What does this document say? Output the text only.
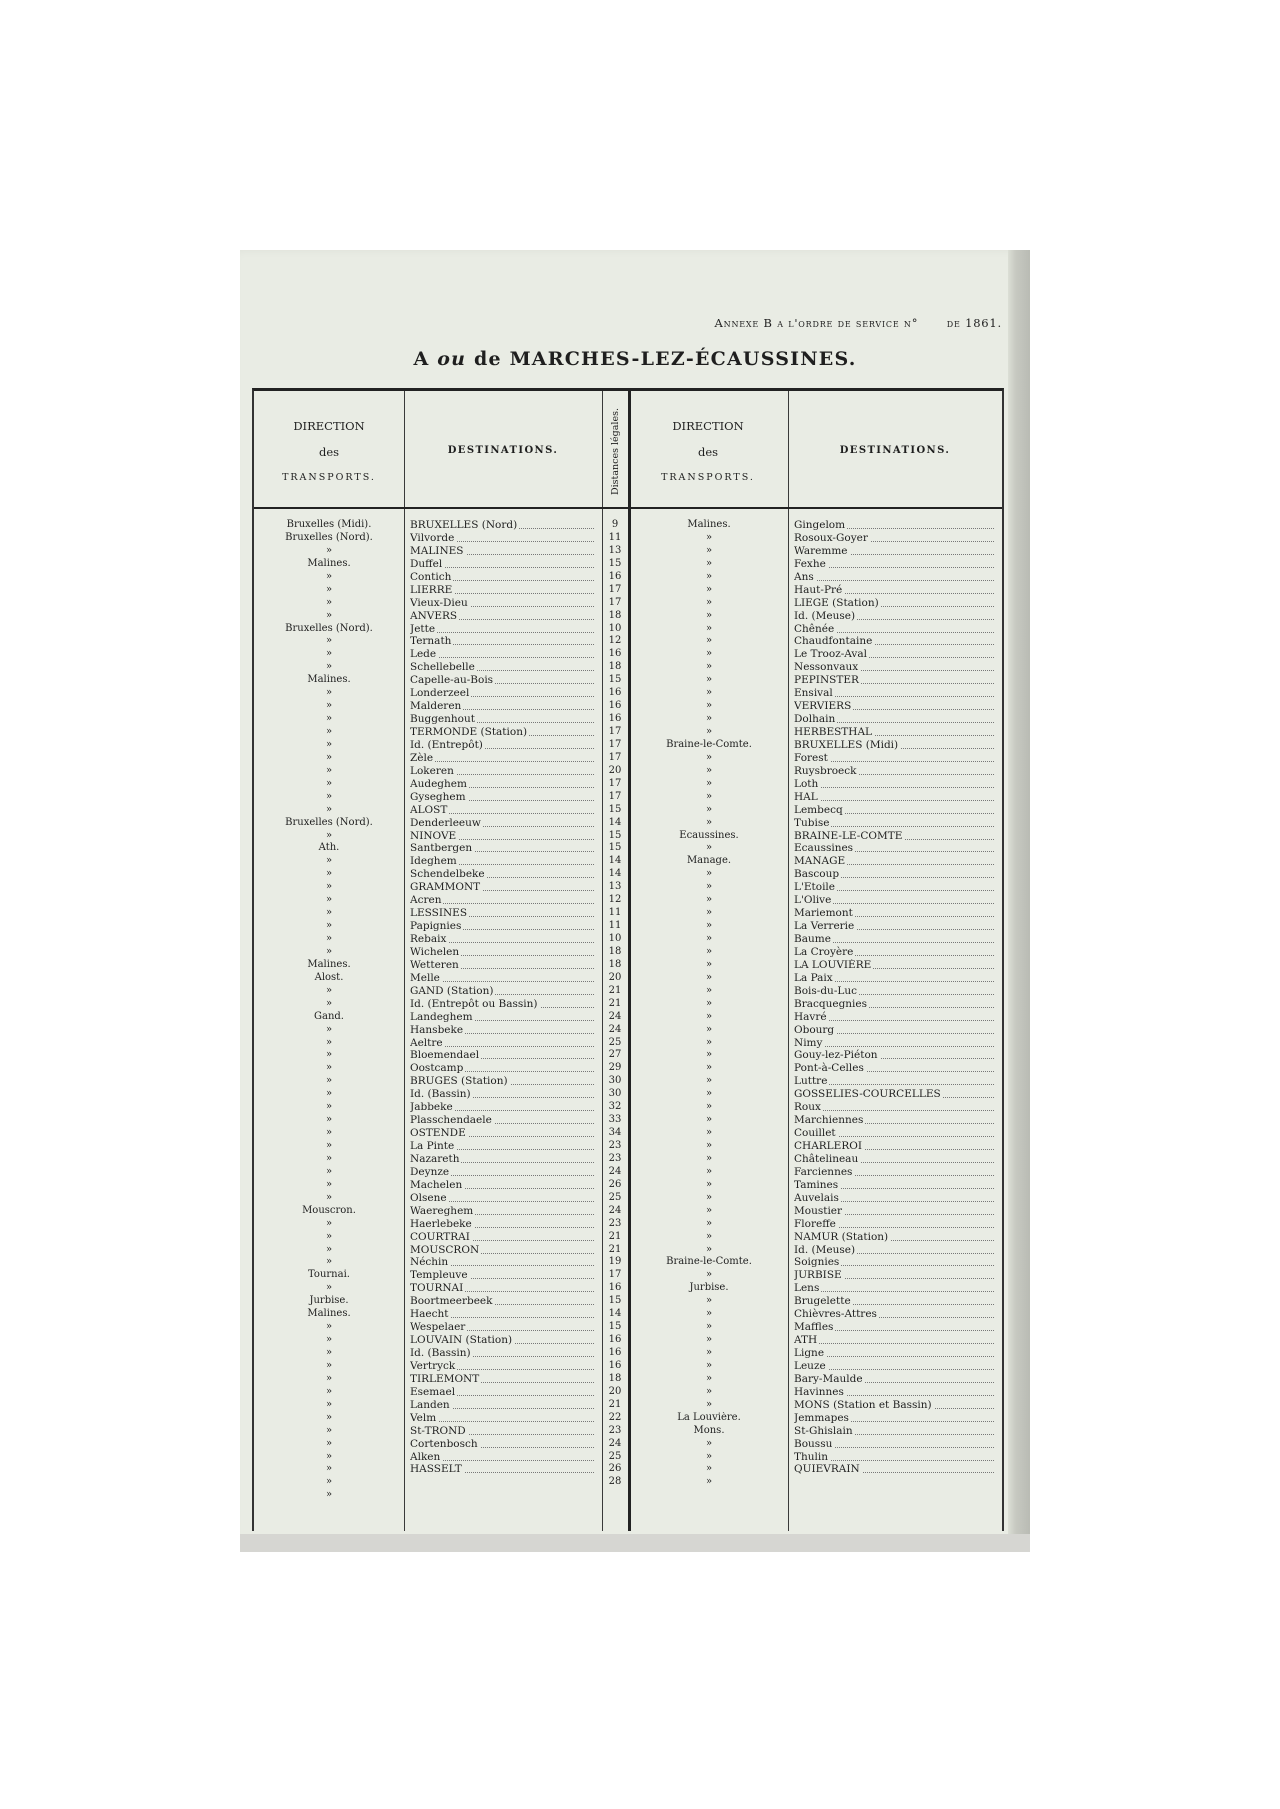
Annexe B a l'ordre de service n° de 1861.
A ou de MARCHES-LEZ-ÉCAUSSINES.
DIRECTION
des
TRANSPORTS.
DESTINATIONS.	Distances légales.	DIRECTION
des
TRANSPORTS.
DESTINATIONS.
Bruxelles (Midi).
Bruxelles (Nord).
»
Malines.
»
»
»
»
Bruxelles (Nord).
»
»
»
Malines.
»
»
»
»
»
»
»
»
»
»
Bruxelles (Nord).
»
Ath.
»
»
»
»
»
»
»
»
Malines.
Alost.
»
»
Gand.
»
»
»
»
»
»
»
»
»
»
»
»
»
»
Mouscron.
»
»
»
»
Tournai.
»
Jurbise.
Malines.
»
»
»
»
»
»
»
»
»
»
»
»
»
»
BRUXELLES (Nord)
Vilvorde
MALINES
Duffel
Contich
LIERRE
Vieux-Dieu
ANVERS
Jette
Ternath
Lede
Schellebelle
Capelle-au-Bois
Londerzeel
Malderen
Buggenhout
TERMONDE (Station)
Id. (Entrepôt)
Zèle
Lokeren
Audeghem
Gyseghem
ALOST
Denderleeuw
NINOVE
Santbergen
Ideghem
Schendelbeke
GRAMMONT
Acren
LESSINES
Papignies
Rebaix
Wichelen
Wetteren
Melle
GAND (Station)
Id. (Entrepôt ou Bassin)
Landeghem
Hansbeke
Aeltre
Bloemendael
Oostcamp
BRUGES (Station)
Id. (Bassin)
Jabbeke
Plasschendaele
OSTENDE
La Pinte
Nazareth
Deynze
Machelen
Olsene
Waereghem
Haerlebeke
COURTRAI
MOUSCRON
Néchin
Templeuve
TOURNAI
Boortmeerbeek
Haecht
Wespelaer
LOUVAIN (Station)
Id. (Bassin)
Vertryck
TIRLEMONT
Esemael
Landen
Velm
St-TROND
Cortenbosch
Alken
HASSELT
9
11
13
15
16
17
17
18
10
12
16
18
15
16
16
16
17
17
17
20
17
17
15
14
15
15
14
14
13
12
11
11
10
18
18
20
21
21
24
24
25
27
29
30
30
32
33
34
23
23
24
26
25
24
23
21
21
19
17
16
15
14
15
16
16
16
18
20
21
22
23
24
25
26
28
Malines.
»
»
»
»
»
»
»
»
»
»
»
»
»
»
»
»
Braine-le-Comte.
»
»
»
»
»
»
Écaussines.
»
Manage.
»
»
»
»
»
»
»
»
»
»
»
»
»
»
»
»
»
»
»
»
»
»
»
»
»
»
»
»
»
»
Braine-le-Comte.
»
Jurbise.
»
»
»
»
»
»
»
»
»
La Louvière.
Mons.
»
»
»
»
Gingelom
Rosoux-Goyer
Waremme
Fexhe
Ans
Haut-Pré
LIEGE (Station)
Id. (Meuse)
Chênée
Chaudfontaine
Le Trooz-Aval
Nessonvaux
PEPINSTER
Ensival
VERVIERS
Dolhain
HERBESTHAL
BRUXELLES (Midi)
Forest
Ruysbroeck
Loth
HAL
Lembecq
Tubise
BRAINE-LE-COMTE
Ecaussines
MANAGE
Bascoup
L'Etoile
L'Olive
Mariemont
La Verrerie
Baume
La Croyère
LA LOUVIÈRE
La Paix
Bois-du-Luc
Bracquegnies
Havré
Obourg
Nimy
Gouy-lez-Piéton
Pont-à-Celles
Luttre
GOSSELIES-COURCELLES
Roux
Marchiennes
Couillet
CHARLEROI
Châtelineau
Farciennes
Tamines
Auvelais
Moustier
Floreffe
NAMUR (Station)
Id. (Meuse)
Soignies
JURBISE
Lens
Brugelette
Chièvres-Attres
Maffles
ATH
Ligne
Leuze
Bary-Maulde
Havinnes
MONS (Station et Bassin)
Jemmapes
St-Ghislain
Boussu
Thulin
QUIEVRAIN
